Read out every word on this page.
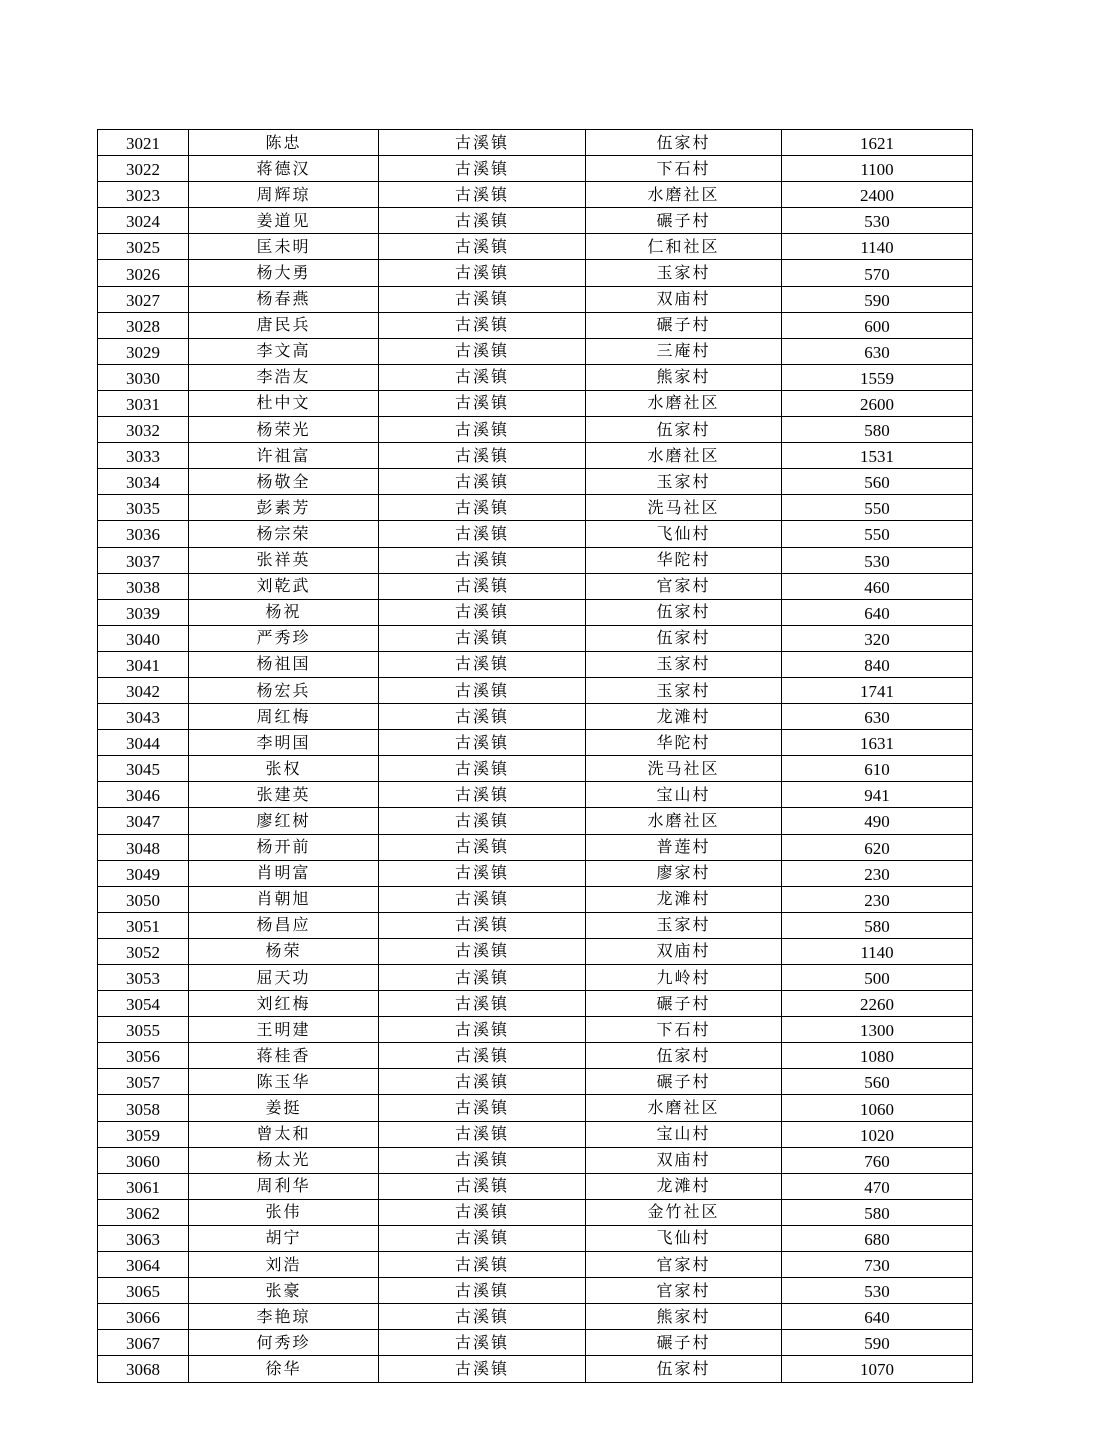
3021	陈忠	古溪镇	伍家村	1621
3022	蒋德汉	古溪镇	下石村	1100
3023	周辉琼	古溪镇	水磨社区	2400
3024	姜道见	古溪镇	碾子村	530
3025	匡未明	古溪镇	仁和社区	1140
3026	杨大勇	古溪镇	玉家村	570
3027	杨春燕	古溪镇	双庙村	590
3028	唐民兵	古溪镇	碾子村	600
3029	李文高	古溪镇	三庵村	630
3030	李浩友	古溪镇	熊家村	1559
3031	杜中文	古溪镇	水磨社区	2600
3032	杨荣光	古溪镇	伍家村	580
3033	许祖富	古溪镇	水磨社区	1531
3034	杨敬全	古溪镇	玉家村	560
3035	彭素芳	古溪镇	洗马社区	550
3036	杨宗荣	古溪镇	飞仙村	550
3037	张祥英	古溪镇	华陀村	530
3038	刘乾武	古溪镇	官家村	460
3039	杨祝	古溪镇	伍家村	640
3040	严秀珍	古溪镇	伍家村	320
3041	杨祖国	古溪镇	玉家村	840
3042	杨宏兵	古溪镇	玉家村	1741
3043	周红梅	古溪镇	龙滩村	630
3044	李明国	古溪镇	华陀村	1631
3045	张权	古溪镇	洗马社区	610
3046	张建英	古溪镇	宝山村	941
3047	廖红树	古溪镇	水磨社区	490
3048	杨开前	古溪镇	普莲村	620
3049	肖明富	古溪镇	廖家村	230
3050	肖朝旭	古溪镇	龙滩村	230
3051	杨昌应	古溪镇	玉家村	580
3052	杨荣	古溪镇	双庙村	1140
3053	屈天功	古溪镇	九岭村	500
3054	刘红梅	古溪镇	碾子村	2260
3055	王明建	古溪镇	下石村	1300
3056	蒋桂香	古溪镇	伍家村	1080
3057	陈玉华	古溪镇	碾子村	560
3058	姜挺	古溪镇	水磨社区	1060
3059	曾太和	古溪镇	宝山村	1020
3060	杨太光	古溪镇	双庙村	760
3061	周利华	古溪镇	龙滩村	470
3062	张伟	古溪镇	金竹社区	580
3063	胡宁	古溪镇	飞仙村	680
3064	刘浩	古溪镇	官家村	730
3065	张豪	古溪镇	官家村	530
3066	李艳琼	古溪镇	熊家村	640
3067	何秀珍	古溪镇	碾子村	590
3068	徐华	古溪镇	伍家村	1070
